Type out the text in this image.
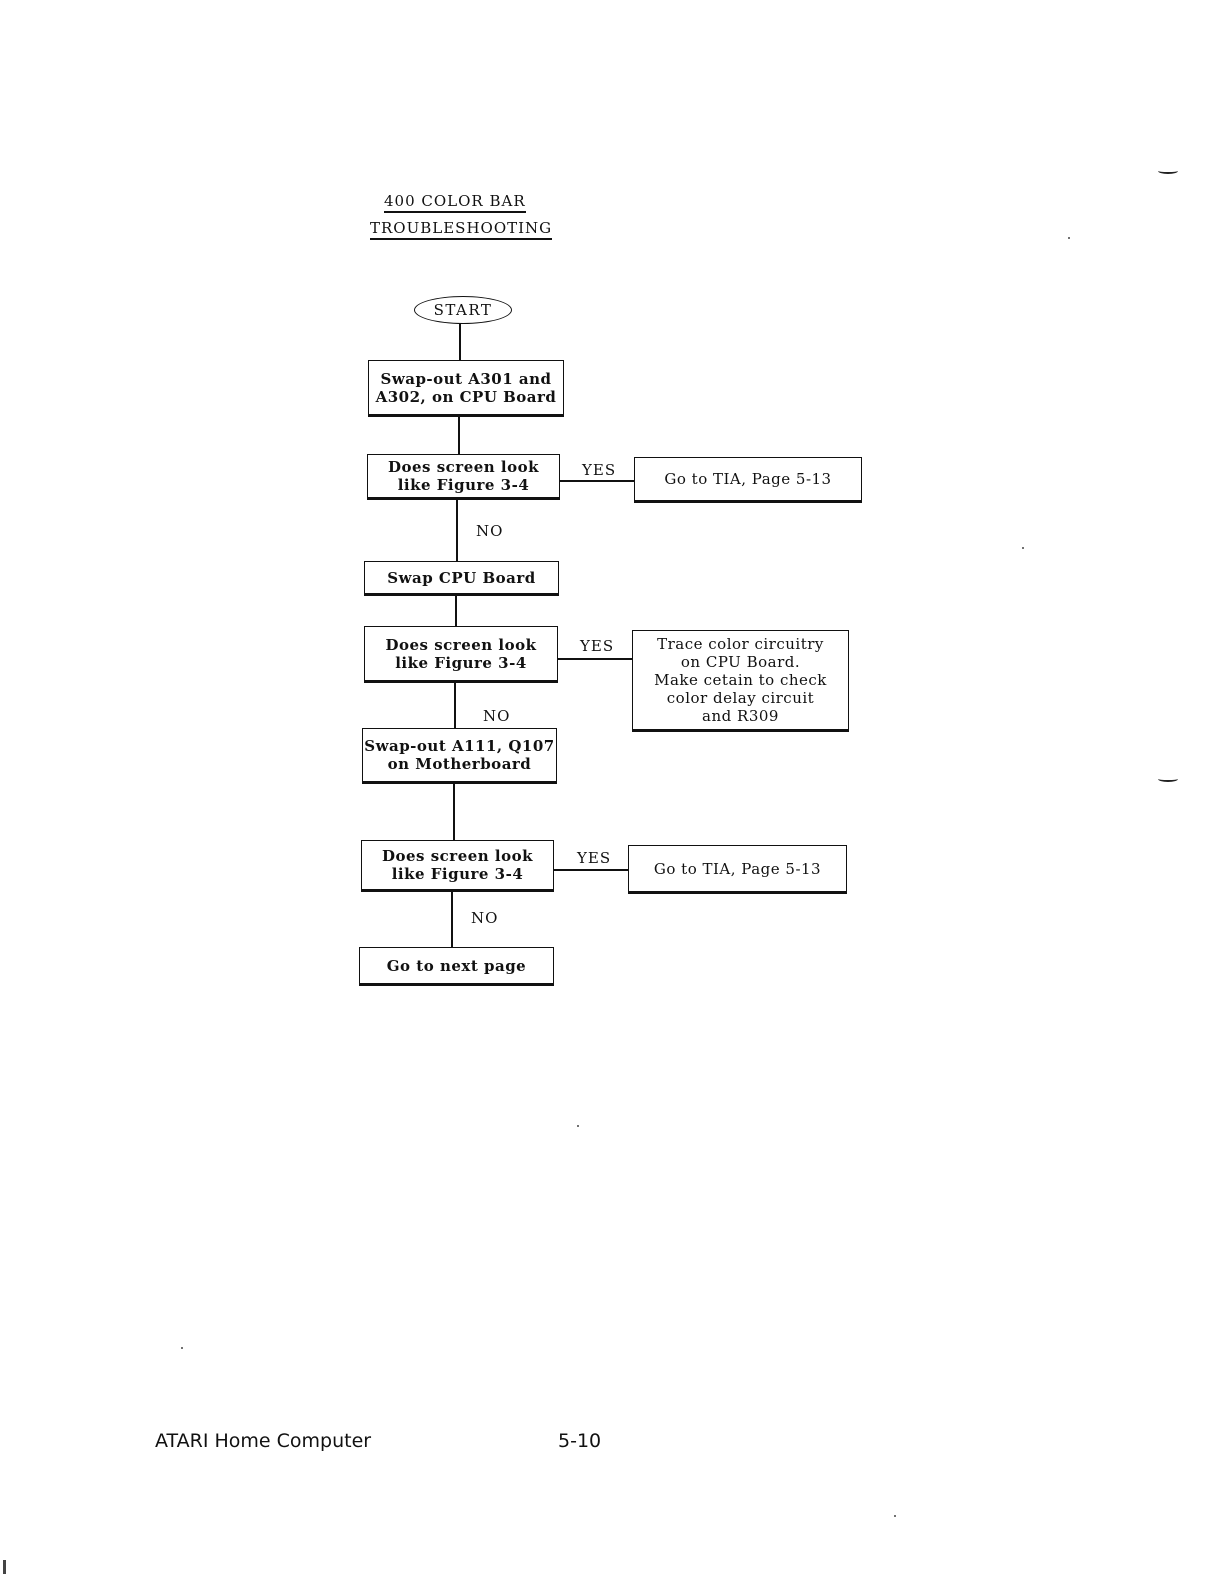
400 COLOR BAR
TROUBLESHOOTING
START
Swap-out A301 and
A302, on CPU Board
Does screen look
like Figure 3-4
YES	Go to TIA, Page 5-13
NO
Swap CPU Board
Does screen look
like Figure 3-4
YES	Trace color circuitry
on CPU Board.
Make cetain to check
color delay circuit
and R309
NO
Swap-out A111, Q107
on Motherboard
Does screen look
like Figure 3-4
YES
Go to TIA, Page 5-13
NO
Go to next page
ATARI Home Computer	5-10
